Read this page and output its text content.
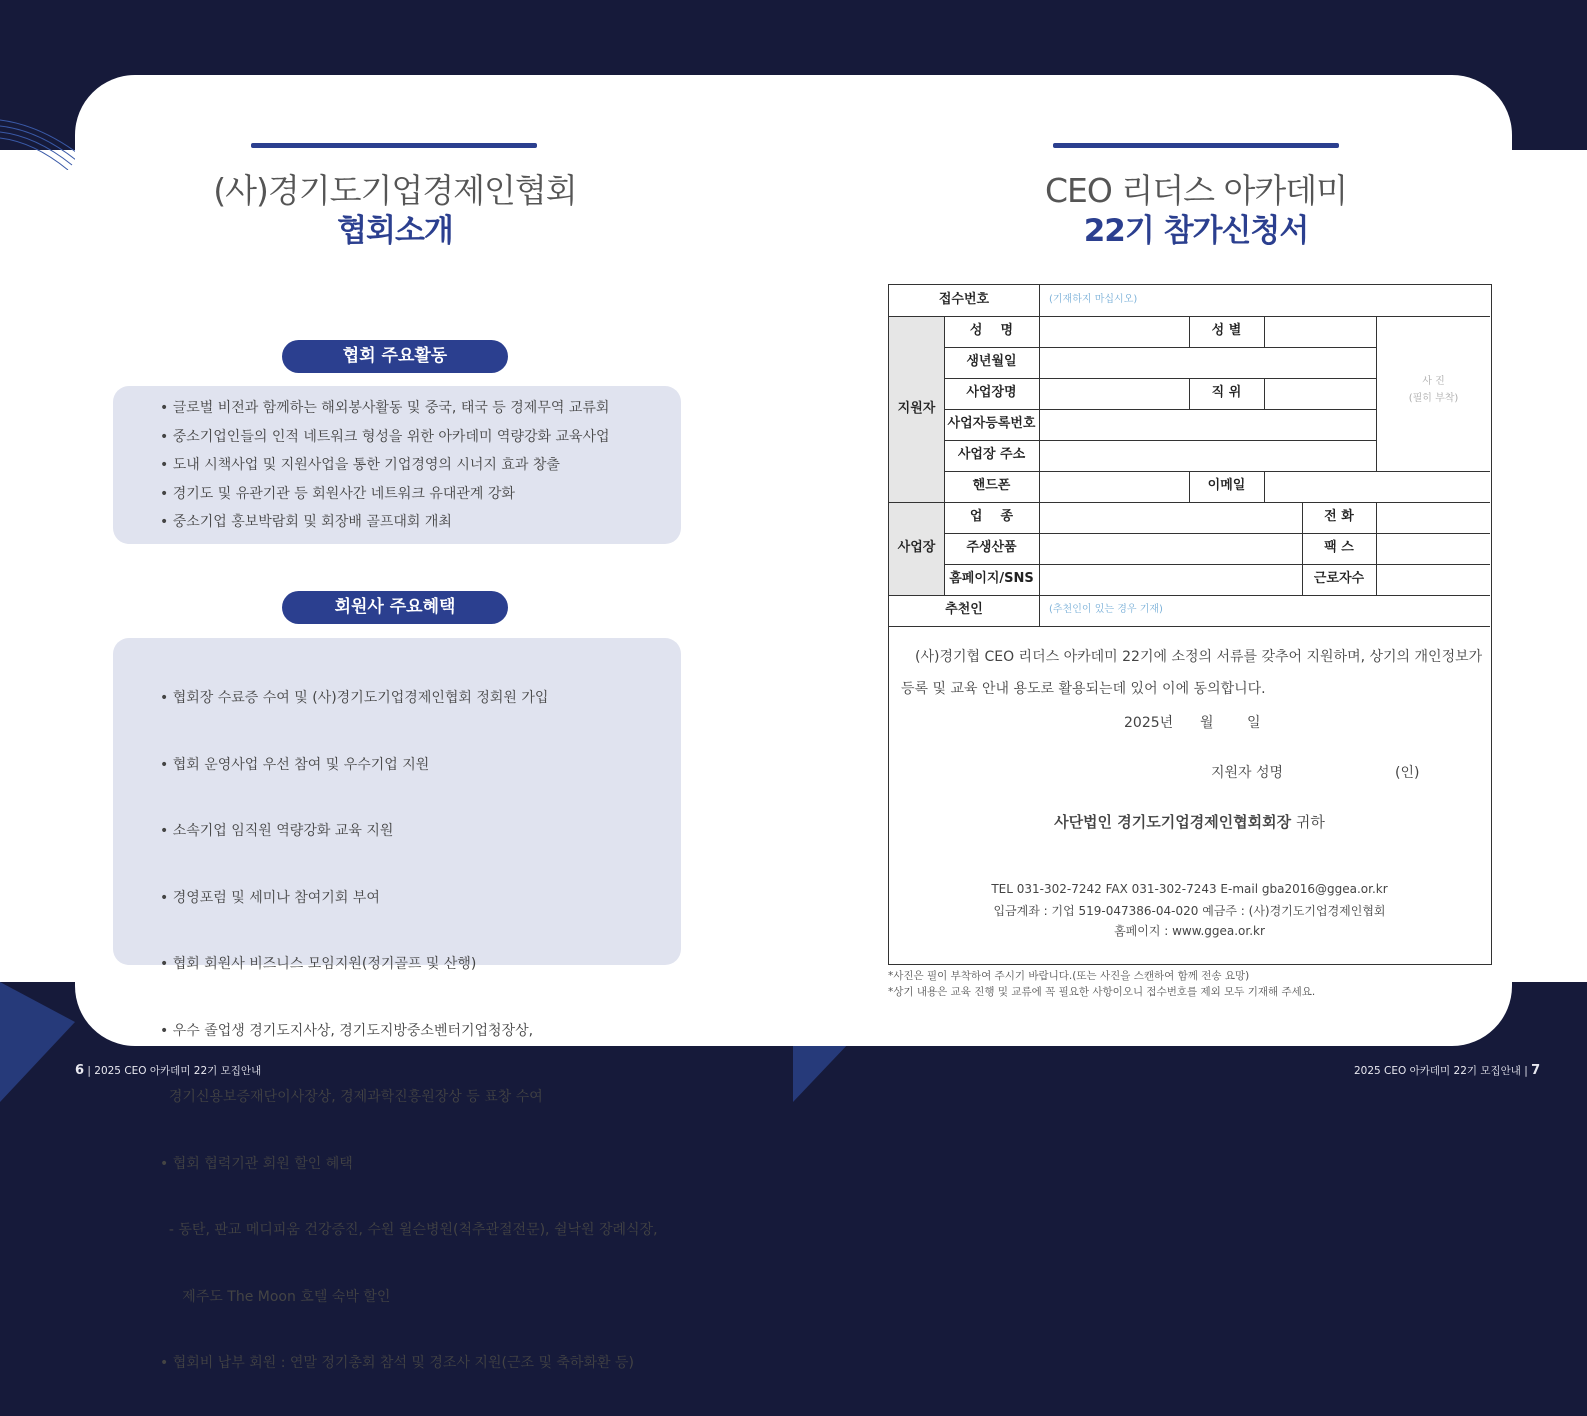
(사)경기도기업경제인협회
협회소개
협회 주요활동
• 글로벌 비전과 함께하는 해외봉사활동 및 중국, 태국 등 경제무역 교류회
• 중소기업인들의 인적 네트워크 형성을 위한 아카데미 역량강화 교육사업
• 도내 시책사업 및 지원사업을 통한 기업경영의 시너지 효과 창출
• 경기도 및 유관기관 등 회원사간 네트워크 유대관계 강화
• 중소기업 홍보박람회 및 회장배 골프대회 개최
회원사 주요혜택

• 협회장 수료증 수여 및 (사)경기도기업경제인협회 정회원 가입

• 협회 운영사업 우선 참여 및 우수기업 지원

• 소속기업 임직원 역량강화 교육 지원

• 경영포럼 및 세미나 참여기회 부여

• 협회 회원사 비즈니스 모임지원(정기골프 및 산행)

• 우수 졸업생 경기도지사상, 경기도지방중소벤터기업청장상,

경기신용보증재단이사장상, 경제과학진흥원장상 등 표창 수여

• 협회 협력기관 회원 할인 혜택

- 동탄, 판교 메디피움 건강증진, 수원 윌슨병원(척추관절전문), 쉴낙원 장례식장,

제주도 The Moon 호텔 숙박 할인

• 협회비 납부 회원 : 연말 정기총회 참석 및 경조사 지원(근조 및 축하화환 등)

6 | 2025 CEO 아카데미 22기 모집안내
CEO 리더스 아카데미
22기 참가신청서
접수번호	(기재하지 마십시오)
지원자
성    명	성 별
생년월일
사업장명	직 위
사업자등록번호
사업장 주소
핸드폰	이메일
사 진
(필히 부착)
사업장
업    종	전 화
주생산품	팩 스
홈페이지/SNS	근로자수
추천인	(추천인이 있는 경우 기재)
(사)경기협 CEO 리더스 아카데미 22기에 소정의 서류를 갖추어 지원하며, 상기의 개인정보가
등록 및 교육 안내 용도로 활용되는데 있어 이에 동의합니다.
2025년 월 일
지원자 성명	(인)
사단법인 경기도기업경제인협회회장 귀하
TEL 031-302-7242 FAX 031-302-7243 E-mail gba2016@ggea.or.kr
입금계좌 : 기업 519-047386-04-020 예금주 : (사)경기도기업경제인협회
홈페이지 : www.ggea.or.kr
*사진은 필이 부착하여 주시기 바랍니다.(또는 사진을 스캔하여 함께 전송 요망)
*상기 내용은 교육 진행 및 교류에 꼭 필요한 사항이오니 접수번호를 제외 모두 기재해 주세요.
2025 CEO 아카데미 22기 모집안내 | 7
